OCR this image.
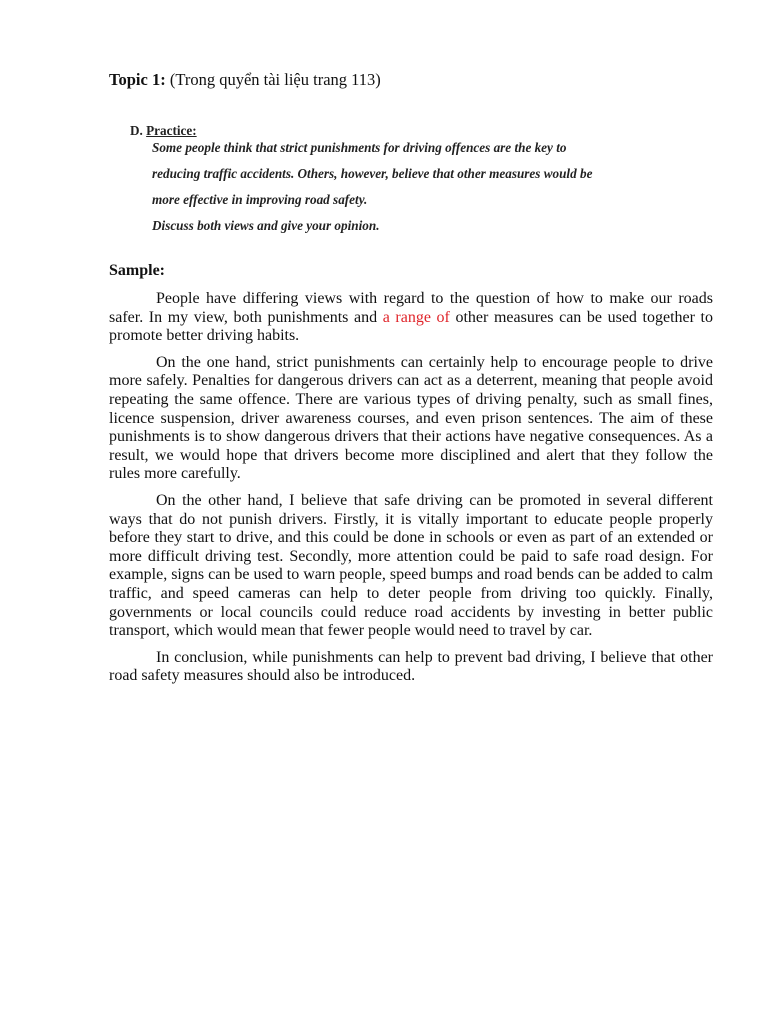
Topic 1: (Trong quyển tài liệu trang 113)
D. Practice:
Some people think that strict punishments for driving offences are the key to
reducing traffic accidents. Others, however, believe that other measures would be
more effective in improving road safety.
Discuss both views and give your opinion.
Sample:

People have differing views with regard to the question of how to make our roads safer. In my view, both punishments and a range of other measures can be used together to promote better driving habits.

On the one hand, strict punishments can certainly help to encourage people to drive more safely. Penalties for dangerous drivers can act as a deterrent, meaning that people avoid repeating the same offence. There are various types of driving penalty, such as small fines, licence suspension, driver awareness courses, and even prison sentences. The aim of these punishments is to show dangerous drivers that their actions have negative consequences. As a result, we would hope that drivers become more disciplined and alert that they follow the rules more carefully.

On the other hand, I believe that safe driving can be promoted in several different ways that do not punish drivers. Firstly, it is vitally important to educate people properly before they start to drive, and this could be done in schools or even as part of an extended or more difficult driving test. Secondly, more attention could be paid to safe road design. For example, signs can be used to warn people, speed bumps and road bends can be added to calm traffic, and speed cameras can help to deter people from driving too quickly. Finally, governments or local councils could reduce road accidents by investing in better public transport, which would mean that fewer people would need to travel by car.

In conclusion, while punishments can help to prevent bad driving, I believe that other road safety measures should also be introduced.
